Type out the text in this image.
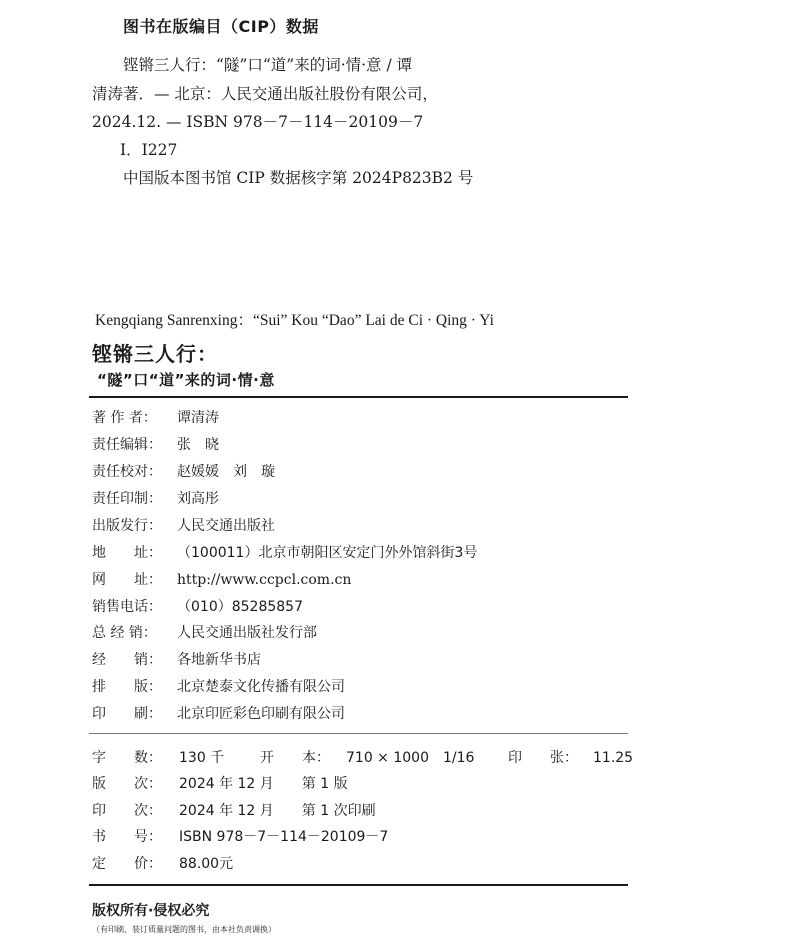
图书在版编目（CIP）数据
铿锵三人行：“隧”口“道”来的词·情·意 / 谭
清涛著．— 北京：人民交通出版社股份有限公司，
2024.12. — ISBN 978－7－114－20109－7
Ⅰ．I227
中国版本图书馆 CIP 数据核字第 2024P823B2 号
Kengqiang Sanrenxing：“Sui” Kou “Dao” Lai de Ci · Qing · Yi
铿锵三人行：
“隧”口“道”来的词·情·意
著 作 者： 谭清涛
责任编辑： 张　晓
责任校对： 赵媛媛　刘　璇
责任印制： 刘高彤
出版发行： 人民交通出版社
地　　址： （100011）北京市朝阳区安定门外外馆斜街3号
网　　址： http://www.ccpcl.com.cn
销售电话： （010）85285857
总 经 销： 人民交通出版社发行部
经　　销： 各地新华书店
排　　版： 北京楚泰文化传播有限公司
印　　刷： 北京印匠彩色印刷有限公司
字　　数： 130 千	开　　本： 710 × 1000　1/16 印　　张： 11.25
版　　次： 2024 年 12 月　　第 1 版
印　　次： 2024 年 12 月　　第 1 次印刷
书　　号： ISBN 978－7－114－20109－7
定　　价： 88.00元
版权所有·侵权必究
（有印刷、装订质量问题的图书，由本社负责调换）
